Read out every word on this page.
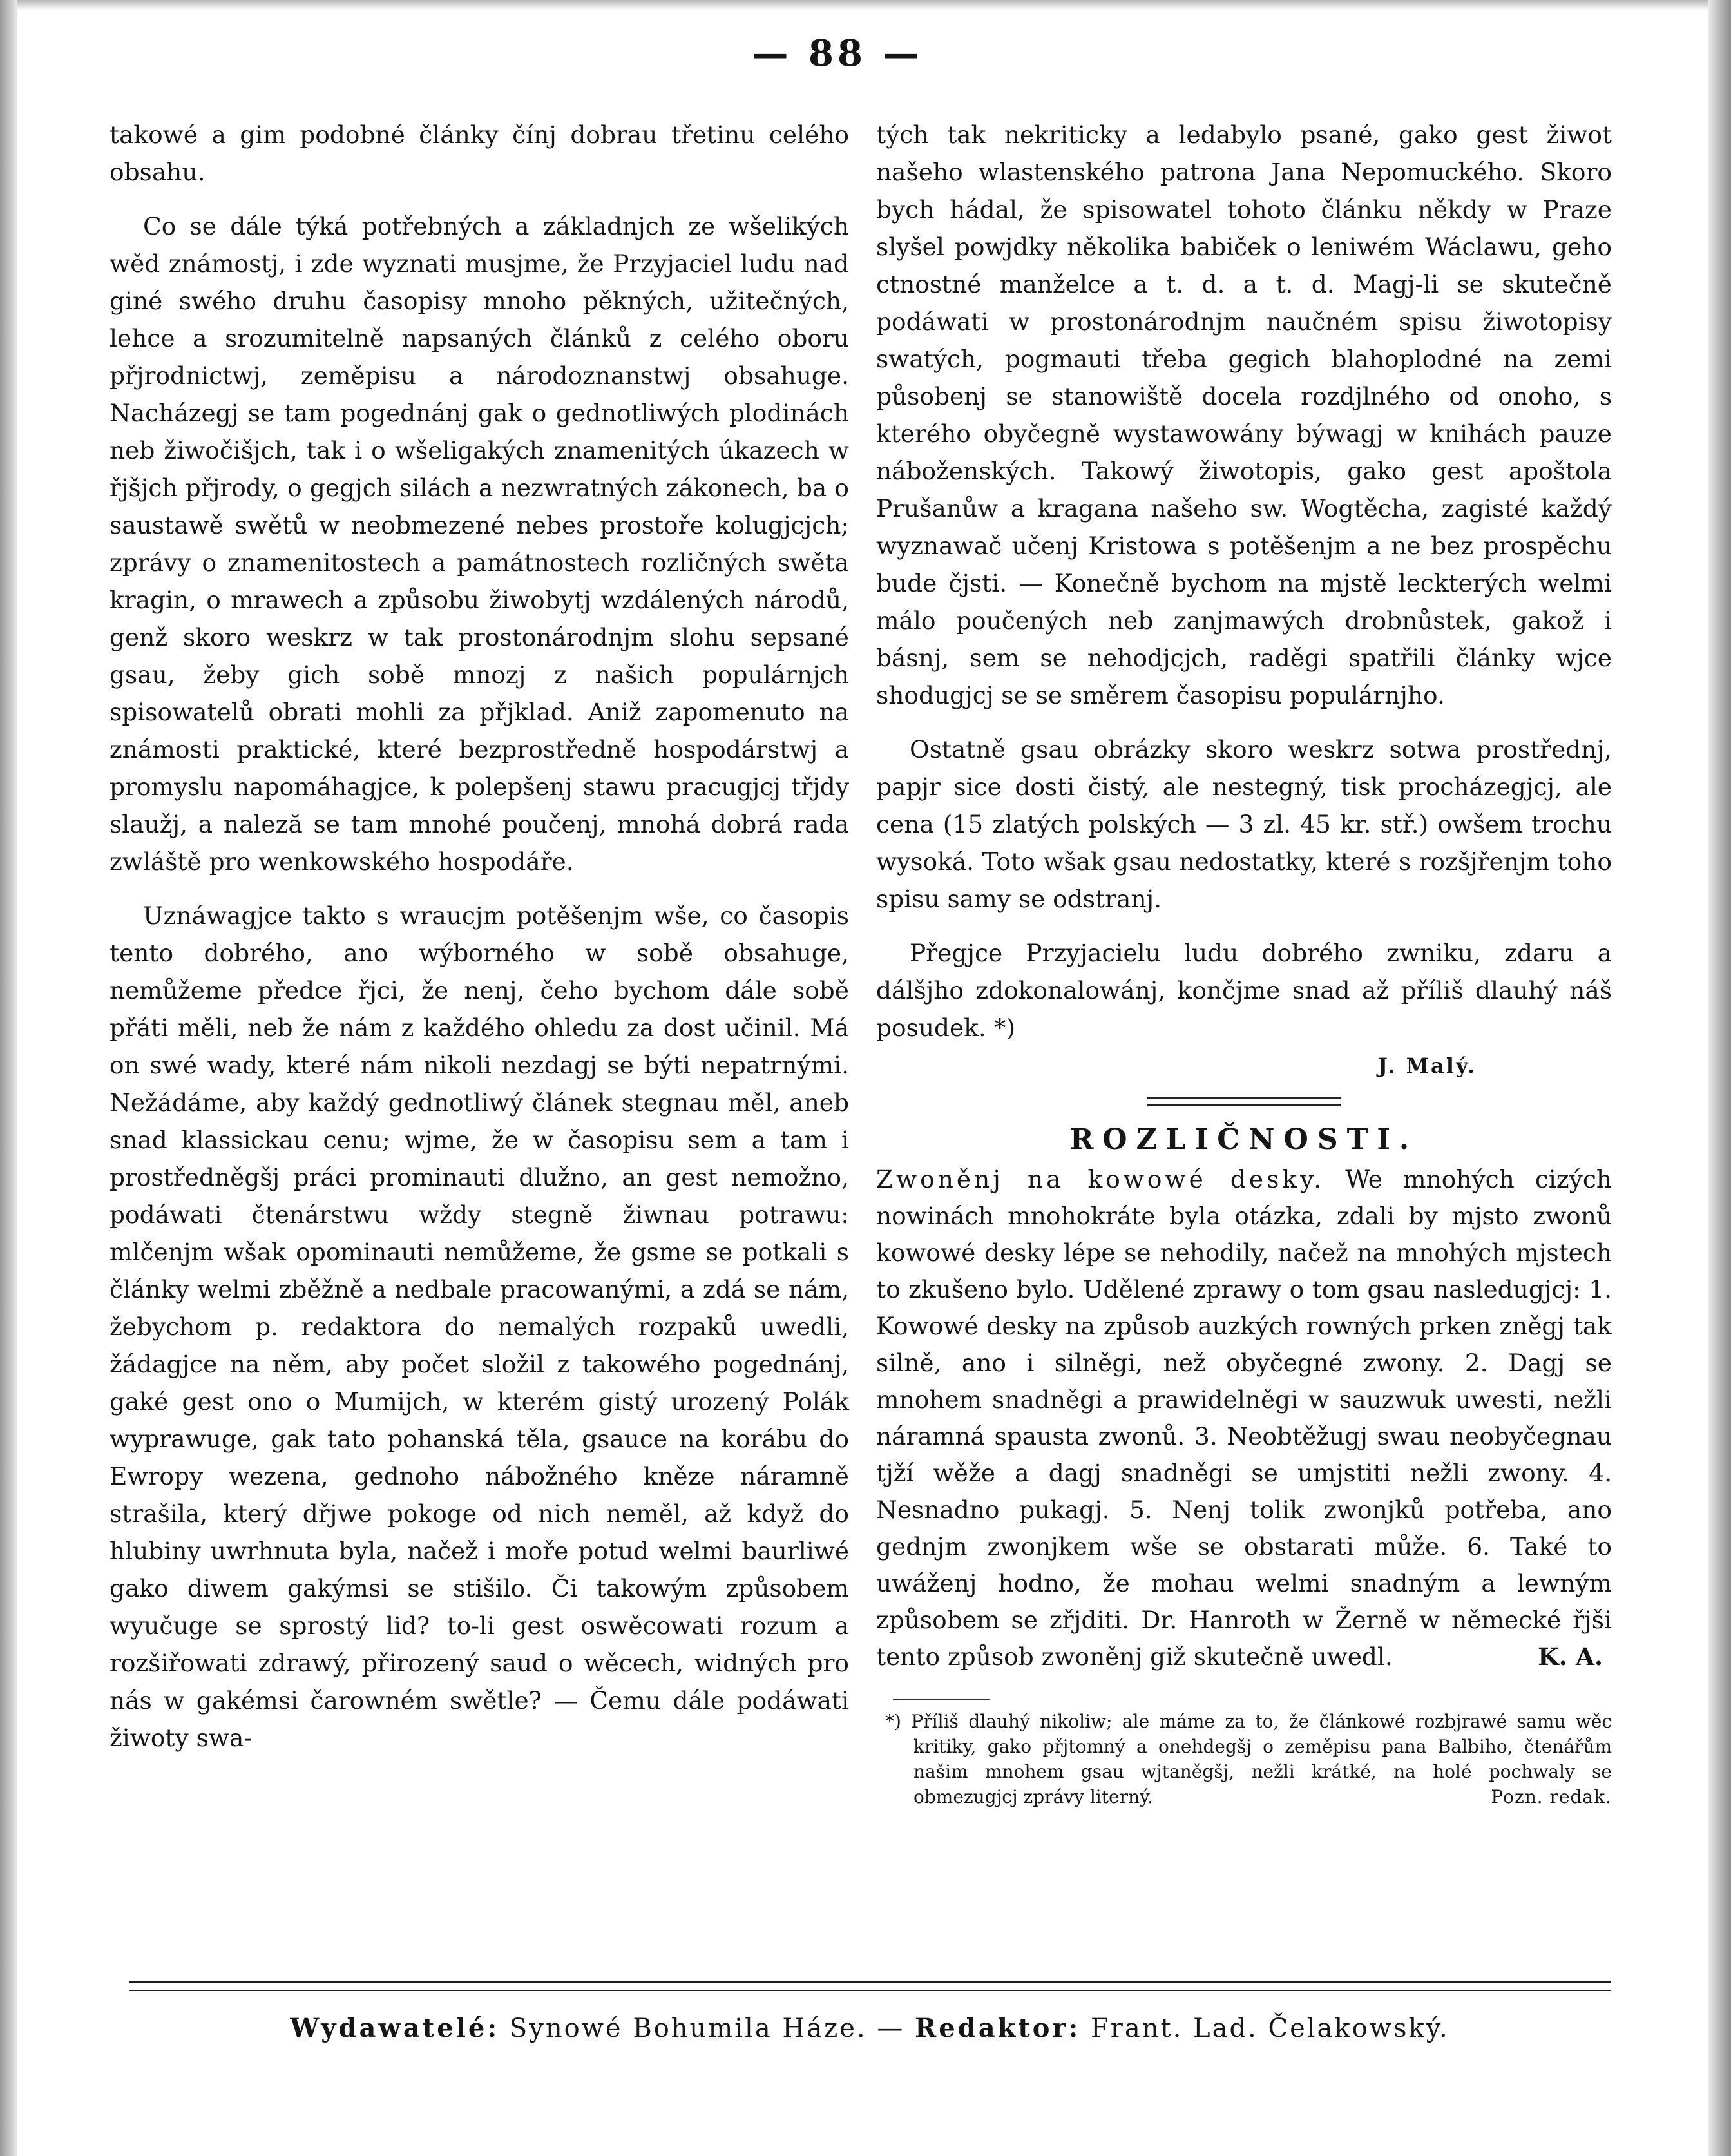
— 88 —

takowé a gim podobné články čínj dobrau třetinu celého obsahu.

Co se dále týká potřebných a základnjch ze wšelikých wěd známostj, i zde wyznati musjme, že Przyjaciel ludu nad giné swého druhu časopisy mnoho pěkných, užitečných, lehce a srozumitelně napsaných článků z celého oboru přjrodnictwj, zeměpisu a národoznanstwj obsahuge. Nacházegj se tam pogednánj gak o gednotliwých plodinách neb žiwočišjch, tak i o wšeligakých znamenitých úkazech w řjšjch přjrody, o gegjch silách a nezwratných zákonech, ba o saustawě swětů w neobmezené nebes prostoře kolugjcjch; zprávy o znamenitostech a památnostech rozličných swěta kragin, o mrawech a způsobu žiwobytj wzdálených národů, genž skoro weskrz w tak prostonárodnjm slohu sepsané gsau, žeby gich sobě mnozj z našich populárnjch spisowatelů obrati mohli za přjklad. Aniž zapomenuto na známosti praktické, které bezprostředně hospodárstwj a promyslu napomáhagjce, k polepšenj stawu pracugjcj třjdy slaužj, a naleză se tam mnohé poučenj, mnohá dobrá rada zwláště pro wenkowského hospodáře.

Uznáwagjce takto s wraucjm potěšenjm wše, co časopis tento dobrého, ano wýborného w sobě obsahuge, nemůžeme předce řjci, že nenj, čeho bychom dále sobě přáti měli, neb že nám z každého ohledu za dost učinil. Má on swé wady, které nám nikoli nezdagj se býti nepatrnými. Nežádáme, aby každý gednotliwý článek stegnau měl, aneb snad klassickau cenu; wjme, že w časopisu sem a tam i prostředněgšj práci prominauti dlužno, an gest nemožno, podáwati čtenárstwu wždy stegně žiwnau potrawu: mlčenjm wšak opominauti nemůžeme, že gsme se potkali s články welmi zběžně a nedbale pracowanými, a zdá se nám, žebychom p. redaktora do nemalých rozpaků uwedli, žádagjce na něm, aby počet složil z takowého pogednánj, gaké gest ono o Mumijch, w kterém gistý urozený Polák wyprawuge, gak tato pohanská těla, gsauce na korábu do Ewropy wezena, gednoho nábožného kněze náramně strašila, který dřjwe pokoge od nich neměl, až když do hlubiny uwrhnuta byla, načež i moře potud welmi baurliwé gako diwem gakýmsi se stišilo. Či takowým způsobem wyučuge se sprostý lid? to-li gest oswěcowati rozum a rozšiřowati zdrawý, přirozený saud o wěcech, widných pro nás w gakémsi čarowném swětle? — Čemu dále podáwati žiwoty swa-

tých tak nekriticky a ledabylo psané, gako gest žiwot našeho wlastenského patrona Jana Nepomuckého. Skoro bych hádal, že spisowatel tohoto článku někdy w Praze slyšel powjdky několika babiček o leniwém Wáclawu, geho ctnostné manželce a t. d. a t. d. Magj-li se skutečně podáwati w prostonárodnjm naučném spisu žiwotopisy swatých, pogmauti třeba gegich blahoplodné na zemi působenj se stanowiště docela rozdjlného od onoho, s kterého obyčegně wystawowány býwagj w knihách pauze náboženských. Takowý žiwotopis, gako gest apoštola Prušanůw a kragana našeho sw. Wogtěcha, zagisté každý wyznawač učenj Kristowa s potěšenjm a ne bez prospěchu bude čjsti. — Konečně bychom na mjstě leckterých welmi málo poučených neb zanjmawých drobnůstek, gakož i básnj, sem se nehodjcjch, raděgi spatřili články wjce shodugjcj se se směrem časopisu populárnjho.

Ostatně gsau obrázky skoro weskrz sotwa prostřednj, papjr sice dosti čistý, ale nestegný, tisk procházegjcj, ale cena (15 zlatých polských — 3 zl. 45 kr. stř.) owšem trochu wysoká. Toto wšak gsau nedostatky, které s rozšjřenjm toho spisu samy se odstranj.

Přegjce Przyjacielu ludu dobrého zwniku, zdaru a dálšjho zdokonalowánj, končjme snad až příliš dlauhý náš posudek. *)

J. Malý.
ROZLIČNOSTI.

Zwoněnj na kowowé desky. We mnohých cizých nowinách mnohokráte byla otázka, zdali by mjsto zwonů kowowé desky lépe se nehodily, načež na mnohých mjstech to zkušeno bylo. Udělené zprawy o tom gsau nasledugjcj: 1. Kowowé desky na způsob auzkých rowných prken zněgj tak silně, ano i silněgi, než obyčegné zwony. 2. Dagj se mnohem snadněgi a prawidelněgi w sauzwuk uwesti, nežli náramná spausta zwonů. 3. Neobtěžugj swau neobyčegnau tjží wěže a dagj snadněgi se umjstiti nežli zwony. 4. Nesnadno pukagj. 5. Nenj tolik zwonjků potřeba, ano gednjm zwonjkem wše se obstarati může. 6. Také to uwáženj hodno, že mohau welmi snadným a lewným způsobem se zřjditi. Dr. Hanroth w Žerně w německé řjši tento způsob zwoněnj giž skutečně uwedl.	K. A.

*) Příliš dlauhý nikoliw; ale máme za to, že článkowé rozbjrawé samu wěc kritiky, gako přjtomný a onehdegšj o zeměpisu pana Balbiho, čtenářům našim mnohem gsau wjtaněgšj, nežli krátké, na holé pochwaly se obmezugjcj zprávy literný.	Pozn. redak.

Wydawatelé: Synowé Bohumila Háze. — Redaktor: Frant. Lad. Čelakowský.
